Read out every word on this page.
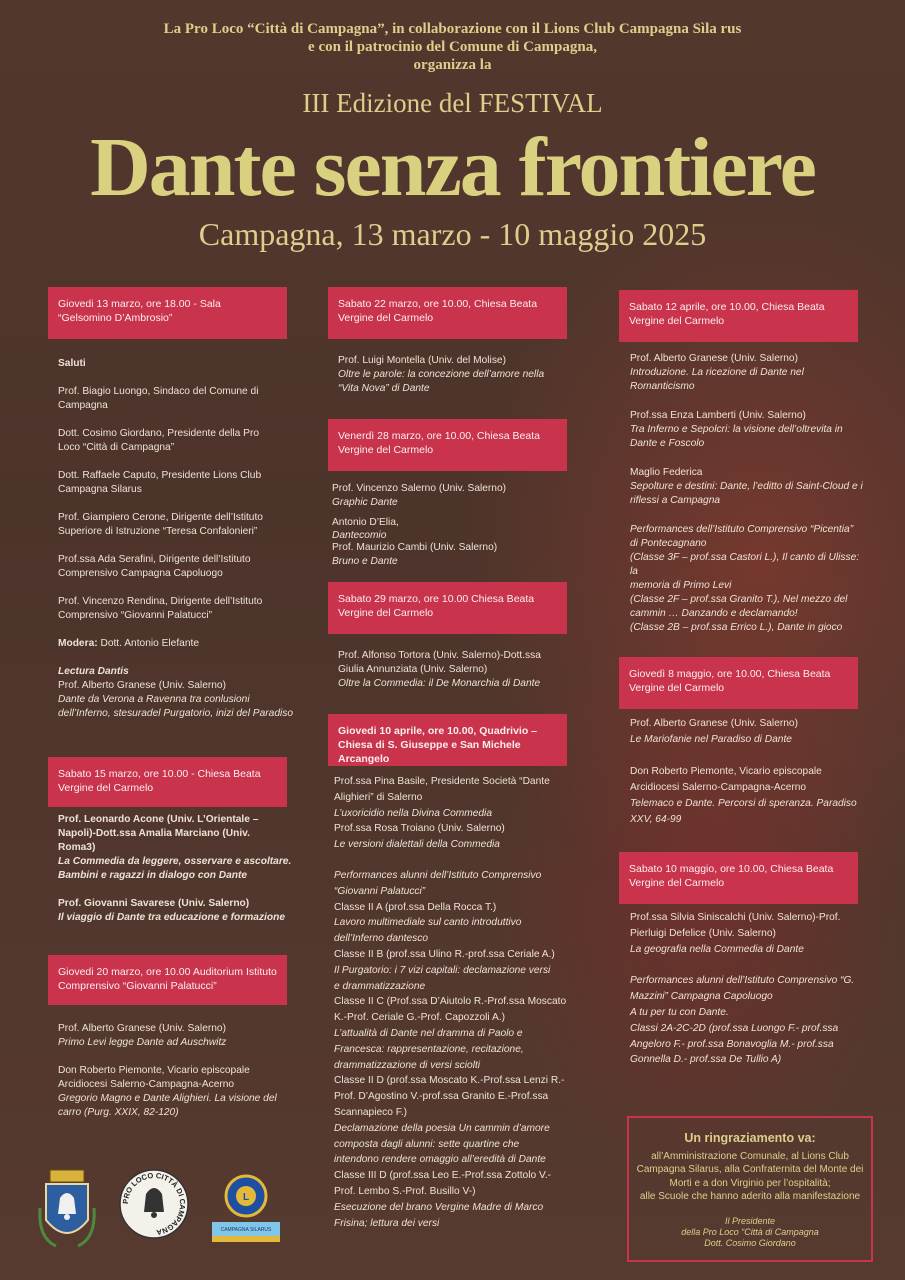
La Pro Loco “Città di Campagna”, in collaborazione con il Lions Club Campagna Sìla rus
e con il patrocinio del Comune di Campagna,
organizza la
III Edizione del FESTIVAL
Dante senza frontiere
Campagna, 13 marzo - 10 maggio 2025
Giovedi 13 marzo, ore 18.00 - Sala “Gelsomino D’Ambrosio”
Saluti
Prof. Biagio Luongo, Sindaco del Comune di
Campagna
Dott. Cosimo Giordano, Presidente della Pro
Loco “Città di Campagna”
Dott. Raffaele Caputo, Presidente Lions Club
Campagna Silarus
Prof. Giampiero Cerone, Dirigente dell’Istituto
Superiore di Istruzione “Teresa Confalonieri”
Prof.ssa Ada Serafini, Dirigente dell’Istituto
Comprensivo Campagna Capoluogo
Prof. Vincenzo Rendina, Dirigente dell’Istituto
Comprensivo “Giovanni Palatucci”
Modera: Dott. Antonio Elefante
Lectura Dantis
Prof. Alberto Granese (Univ. Salerno)
Dante da Verona a Ravenna tra conlusioni
dell’Inferno, stesuradel Purgatorio, inizi del Paradiso
Sabato 15 marzo, ore 10.00 - Chiesa Beata Vergine del Carmelo
Prof. Leonardo Acone (Univ. L’Orientale –
Napoli)-Dott.ssa Amalia Marciano (Univ.
Roma3)
La Commedia da leggere, osservare e ascoltare.
Bambini e ragazzi in dialogo con Dante
Prof. Giovanni Savarese (Univ. Salerno)
Il viaggio di Dante tra educazione e formazione
Giovedi 20 marzo, ore 10.00 Auditorium Istituto Comprensivo “Giovanni Palatucci”
Prof. Alberto Granese (Univ. Salerno)
Primo Levi legge Dante ad Auschwitz
Don Roberto Piemonte, Vicario episcopale
Arcidiocesi Salerno-Campagna-Acerno
Gregorio Magno e Dante Alighieri. La visione del
carro (Purg. XXIX, 82-120)
Sabato 22 marzo, ore 10.00, Chiesa Beata Vergine del Carmelo
Prof. Luigi Montella (Univ. del Molise)
Oltre le parole: la concezione dell’amore nella
“Vita Nova” di Dante
Venerdì 28 marzo, ore 10.00, Chiesa Beata Vergine del Carmelo
Prof. Vincenzo Salerno (Univ. Salerno)
Graphic Dante
Antonio D’Elia,
Dantecomio
Prof. Maurizio Cambi (Univ. Salerno)
Bruno e Dante
Sabato 29 marzo, ore 10.00 Chiesa Beata Vergine del Carmelo
Prof. Alfonso Tortora (Univ. Salerno)-Dott.ssa
Giulia Annunziata (Univ. Salerno)
Oltre la Commedia: il De Monarchia di Dante
Giovedi 10 aprile, ore 10.00, Quadrivio – Chiesa di S. Giuseppe e San Michele Arcangelo
Prof.ssa Pina Basile, Presidente Società “Dante
Alighieri” di Salerno
L’uxoricidio nella Divina Commedia
Prof.ssa Rosa Troiano (Univ. Salerno)
Le versioni dialettali della Commedia
Performances alunni dell’Istituto Comprensivo
“Giovanni Palatucci”
Classe II A (prof.ssa Della Rocca T.)
Lavoro multimediale sul canto introduttivo
dell’Inferno dantesco
Classe II B (prof.ssa Ulino R.-prof.ssa Ceriale A.)
Il Purgatorio: i 7 vizi capitali: declamazione versi
e drammatizzazione
Classe II C (Prof.ssa D’Aiutolo R.-Prof.ssa Moscato
K.-Prof. Ceriale G.-Prof. Capozzoli A.)
L’attualità di Dante nel dramma di Paolo e
Francesca: rappresentazione, recitazione,
drammatizzazione di versi sciolti
Classe II D (prof.ssa Moscato K.-Prof.ssa Lenzi R.-
Prof. D’Agostino V.-prof.ssa Granito E.-Prof.ssa
Scannapieco F.)
Declamazione della poesia Un cammin d’amore
composta dagli alunni: sette quartine che
intendono rendere omaggio all’eredità di Dante
Classe III D (prof.ssa Leo E.-Prof.ssa Zottolo V.-
Prof. Lembo S.-Prof. Busillo V-)
Esecuzione del brano Vergine Madre di Marco
Frisina; lettura dei versi
Sabato 12 aprile, ore 10.00, Chiesa Beata Vergine del Carmelo
Prof. Alberto Granese (Univ. Salerno)
Introduzione. La ricezione di Dante nel
Romanticismo
Prof.ssa Enza Lamberti (Univ. Salerno)
Tra Inferno e Sepolcri: la visione dell’oltrevita in
Dante e Foscolo
Maglio Federica
Sepolture e destini: Dante, l’editto di Saint-Cloud e i
riflessi a Campagna
Performances dell’Istituto Comprensivo “Picentia”
di Pontecagnano
(Classe 3F – prof.ssa Castori L.), Il canto di Ulisse: la
memoria di Primo Levi
(Classe 2F – prof.ssa Granito T.), Nel mezzo del
cammin … Danzando e declamando!
(Classe 2B – prof.ssa Errico L.), Dante in gioco
Giovedì 8 maggio, ore 10.00, Chiesa Beata Vergine del Carmelo
Prof. Alberto Granese (Univ. Salerno)
Le Mariofanie nel Paradiso di Dante
Don Roberto Piemonte, Vicario episcopale
Arcidiocesi Salerno-Campagna-Acerno
Telemaco e Dante. Percorsi di speranza. Paradiso
XXV, 64-99
Sabato 10 maggio, ore 10.00, Chiesa Beata Vergine del Carmelo
Prof.ssa Silvia Siniscalchi (Univ. Salerno)-Prof.
Pierluigi Defelice (Univ. Salerno)
La geografia nella Commedia di Dante
Performances alunni dell’Istituto Comprensivo “G.
Mazzini” Campagna Capoluogo
A tu per tu con Dante.
Classi 2A-2C-2D (prof.ssa Luongo F.- prof.ssa
Angeloro F.- prof.ssa Bonavoglia M.- prof.ssa
Gonnella D.- prof.ssa De Tullio A)
Un ringraziamento va:
all’Amministrazione Comunale, al Lions Club
Campagna Silarus, alla Confraternita del Monte dei
Morti e a don Virginio per l’ospitalità;
alle Scuole che hanno aderito alla manifestazione
Il Presidente
della Pro Loco “Città di Campagna
Dott. Cosimo Giordano
PRO LOCO CITTÀ DI CAMPAGNA
L
CAMPAGNA SILARUS
